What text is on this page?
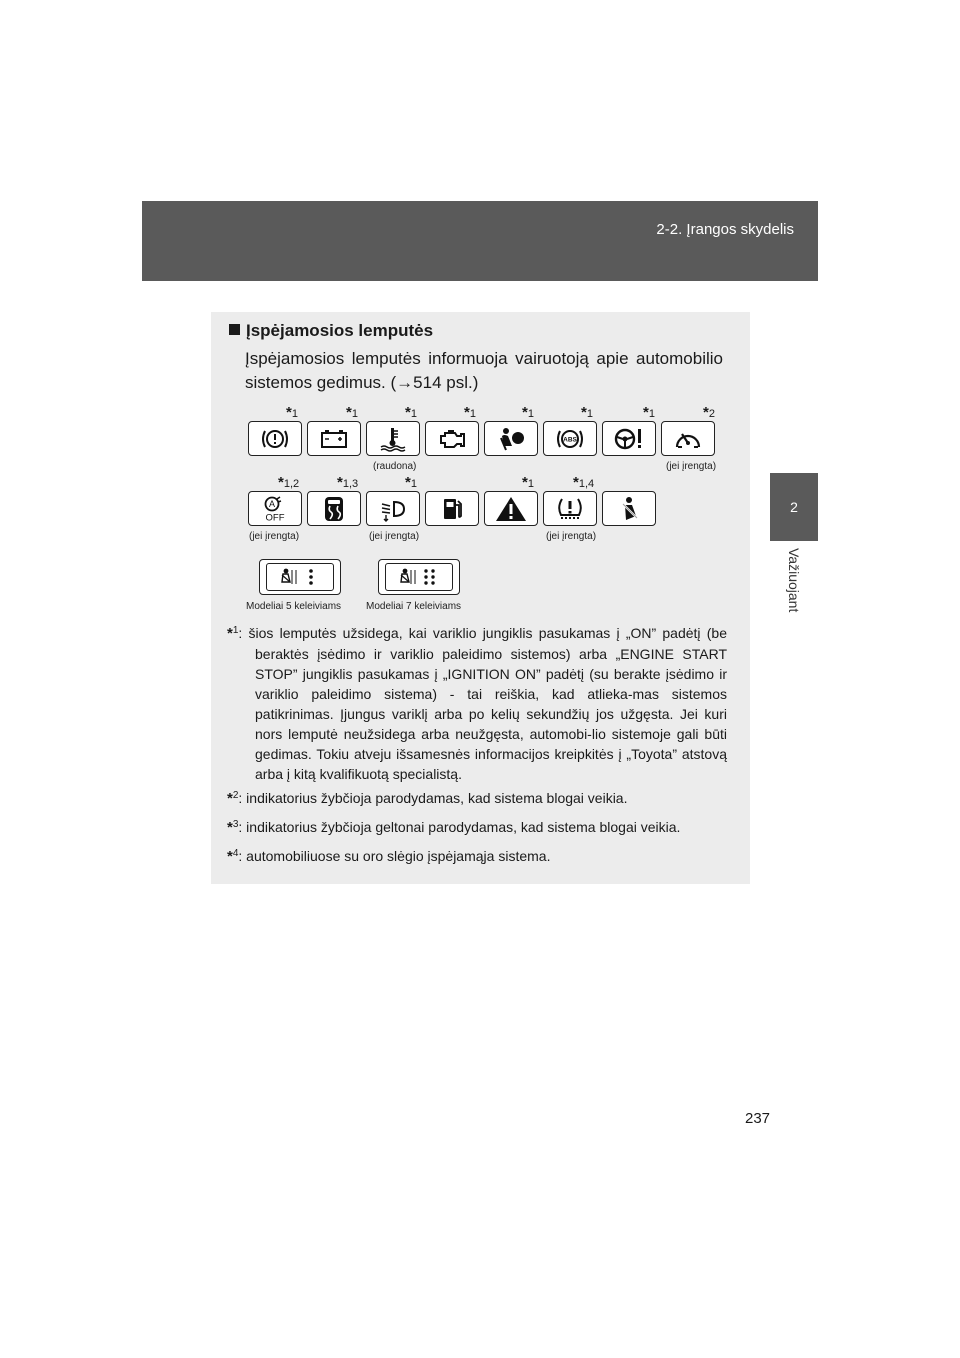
2-2. Įrangos skydelis
2
Važiuojant
Įspėjamosios lemputės
Įspėjamosios lemputės informuoja vairuotoją apie automobilio sistemos gedimus. (→514 psl.)
*1	*1	*1	*1	*1	*1	*1	*2
ABS
(raudona)	(jei įrengta)
*1,2	*1,3	*1	*1	*1,4
A
OFF
(jei įrengta)	(jei įrengta)	(jei įrengta)
Modeliai 5 keleiviams Modeliai 7 keleiviams
*$^1$: šios lemputės užsidega, kai variklio jungiklis pasukamas į „ON” padėtį (be beraktės įsėdimo ir variklio paleidimo sistemos) arba „ENGINE START STOP” jungiklis pasukamas į „IGNITION ON” padėtį (su berakte įsėdimo ir variklio paleidimo sistema) - tai reiškia, kad atlieka-mas sistemos patikrinimas. Įjungus variklį arba po kelių sekundžių jos užgęsta. Jei kuri nors lemputė neužsidega arba neužgęsta, automobi-lio sistemoje gali būti gedimas. Tokiu atveju išsamesnės informacijos kreipkitės į „Toyota” atstovą arba į kitą kvalifikuotą specialistą.
*$^2$: indikatorius žybčioja parodydamas, kad sistema blogai veikia.
*$^3$: indikatorius žybčioja geltonai parodydamas, kad sistema blogai veikia.
*$^4$: automobiliuose su oro slėgio įspėjamąja sistema.
237
